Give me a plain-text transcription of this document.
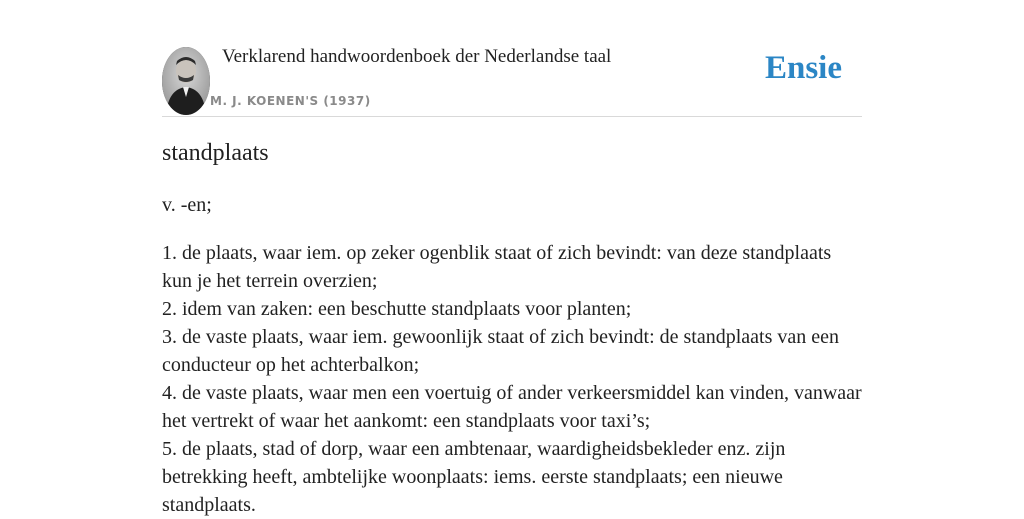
Verklarend handwoordenboek der Nederlandse taal
M. J. KOENEN'S (1937)
Ensie
standplaats
v. -en;
1. de plaats, waar iem. op zeker ogenblik staat of zich bevindt: van deze standplaats kun je het terrein overzien;
2. idem van zaken: een beschutte standplaats voor planten;
3. de vaste plaats, waar iem. gewoonlijk staat of zich bevindt: de standplaats van een conducteur op het achterbalkon;
4. de vaste plaats, waar men een voertuig of ander verkeersmiddel kan vinden, vanwaar het vertrekt of waar het aankomt: een standplaats voor taxi’s;
5. de plaats, stad of dorp, waar een ambtenaar, waardigheidsbekleder enz. zijn betrekking heeft, ambtelijke woonplaats: iems. eerste standplaats; een nieuwe standplaats.
